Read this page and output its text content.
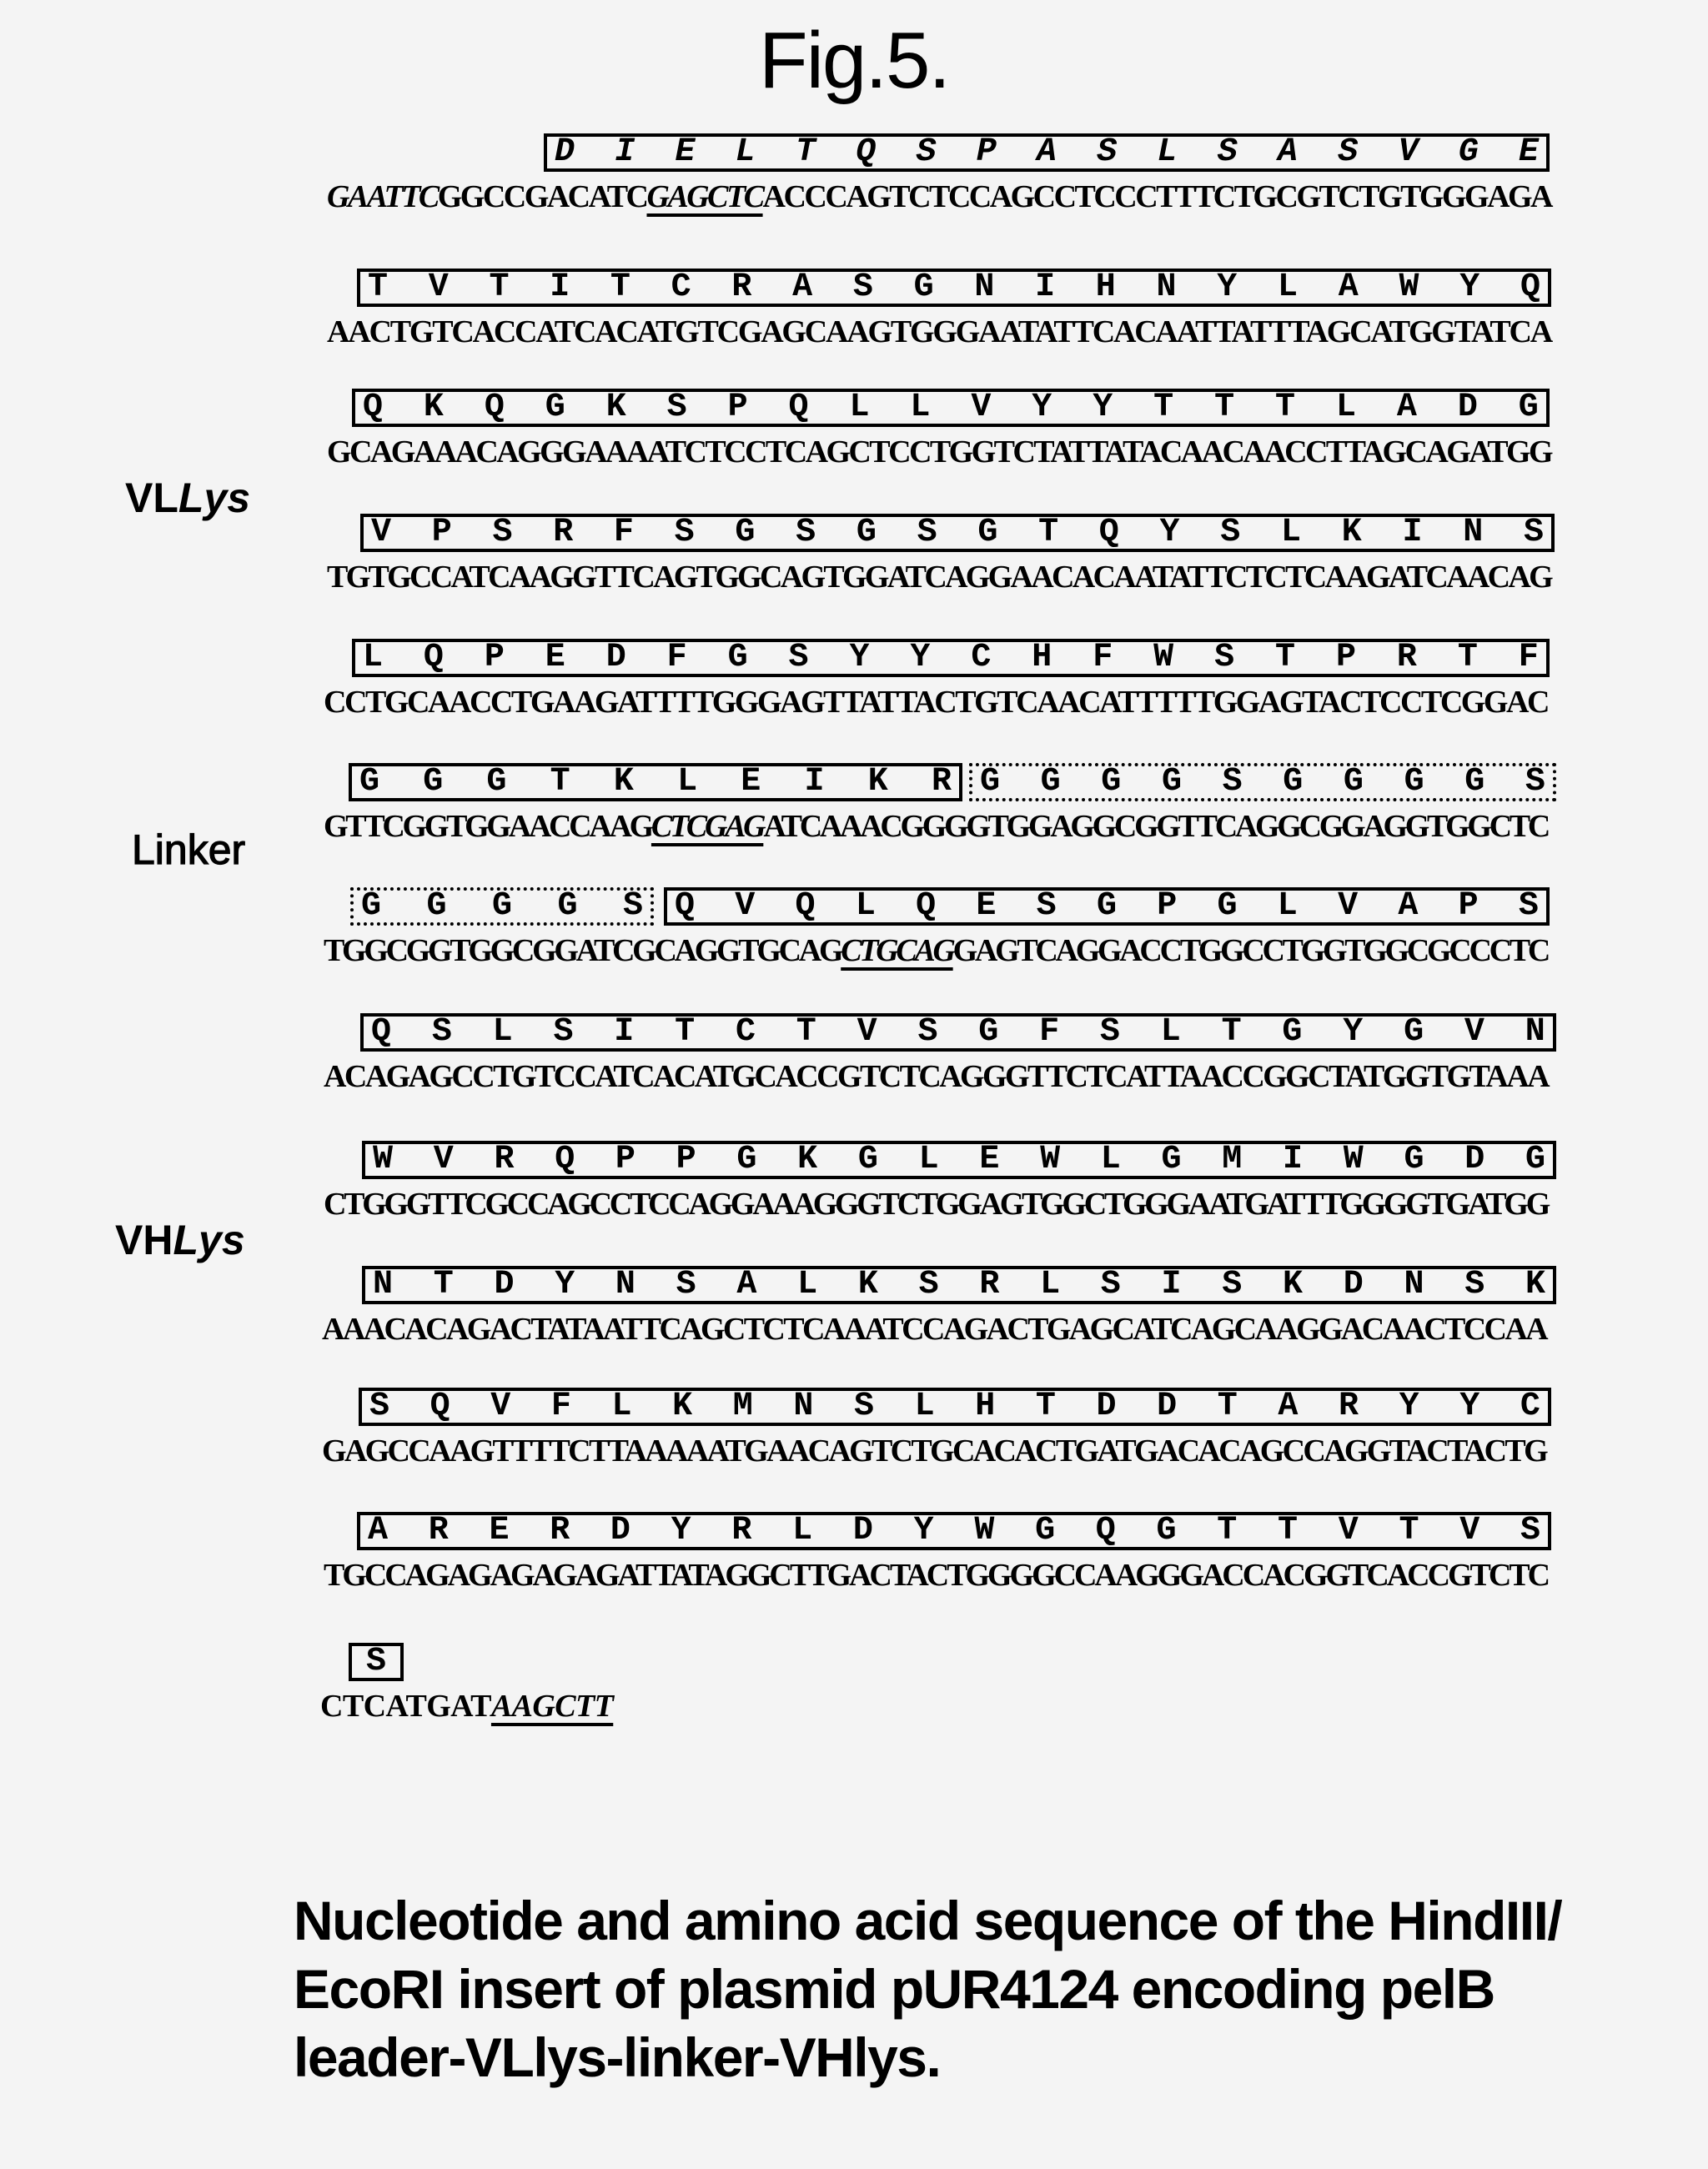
Fig.5.
VLLys
Linker
VHLys
D I E L T Q S P A S L S A S V G E
GAATTCGGCCGACATCGAGCTCACCCAGTCTCCAGCCTCCCTTTCTGCGTCTGTGGGAGA
T V T I T C R A S G N I H N Y L A W Y Q
AACTGTCACCATCACATGTCGAGCAAGTGGGAATATTCACAATTATTTAGCATGGTATCA
Q K Q G K S P Q L L V Y Y T T T L A D G
GCAGAAACAGGGAAAATCTCCTCAGCTCCTGGTCTATTATACAACAACCTTAGCAGATGG
V P S R F S G S G S G T Q Y S L K I N S
TGTGCCATCAAGGTTCAGTGGCAGTGGATCAGGAACACAATATTCTCTCAAGATCAACAG
L Q P E D F G S Y Y C H F W S T P R T F
CCTGCAACCTGAAGATTTTGGGAGTTATTACTGTCAACATTTTTGGAGTACTCCTCGGAC
G G G T K L E I K R G G G G S G G G G S
GTTCGGTGGAACCAAGCTCGAGATCAAACGGGGTGGAGGCGGTTCAGGCGGAGGTGGCTC
G G G G S Q V Q L Q E S G P G L V A P S
TGGCGGTGGCGGATCGCAGGTGCAGCTGCAGGAGTCAGGACCTGGCCTGGTGGCGCCCTC
Q S L S I T C T V S G F S L T G Y G V N
ACAGAGCCTGTCCATCACATGCACCGTCTCAGGGTTCTCATTAACCGGCTATGGTGTAAA
W V R Q P P G K G L E W L G M I W G D G
CTGGGTTCGCCAGCCTCCAGGAAAGGGTCTGGAGTGGCTGGGAATGATTTGGGGTGATGG
N T D Y N S A L K S R L S I S K D N S K
AAACACAGACTATAATTCAGCTCTCAAATCCAGACTGAGCATCAGCAAGGACAACTCCAA
S Q V F L K M N S L H T D D T A R Y Y C
GAGCCAAGTTTTCTTAAAAATGAACAGTCTGCACACTGATGACACAGCCAGGTACTACTG
A R E R D Y R L D Y W G Q G T T V T V S
TGCCAGAGAGAGAGATTATAGGCTTGACTACTGGGGCCAAGGGACCACGGTCACCGTCTC
S
CTCATGATAAGCTT
Nucleotide and amino acid sequence of the HindIII/
EcoRI insert of plasmid pUR4124 encoding pelB
leader-VLlys-linker-VHlys.
